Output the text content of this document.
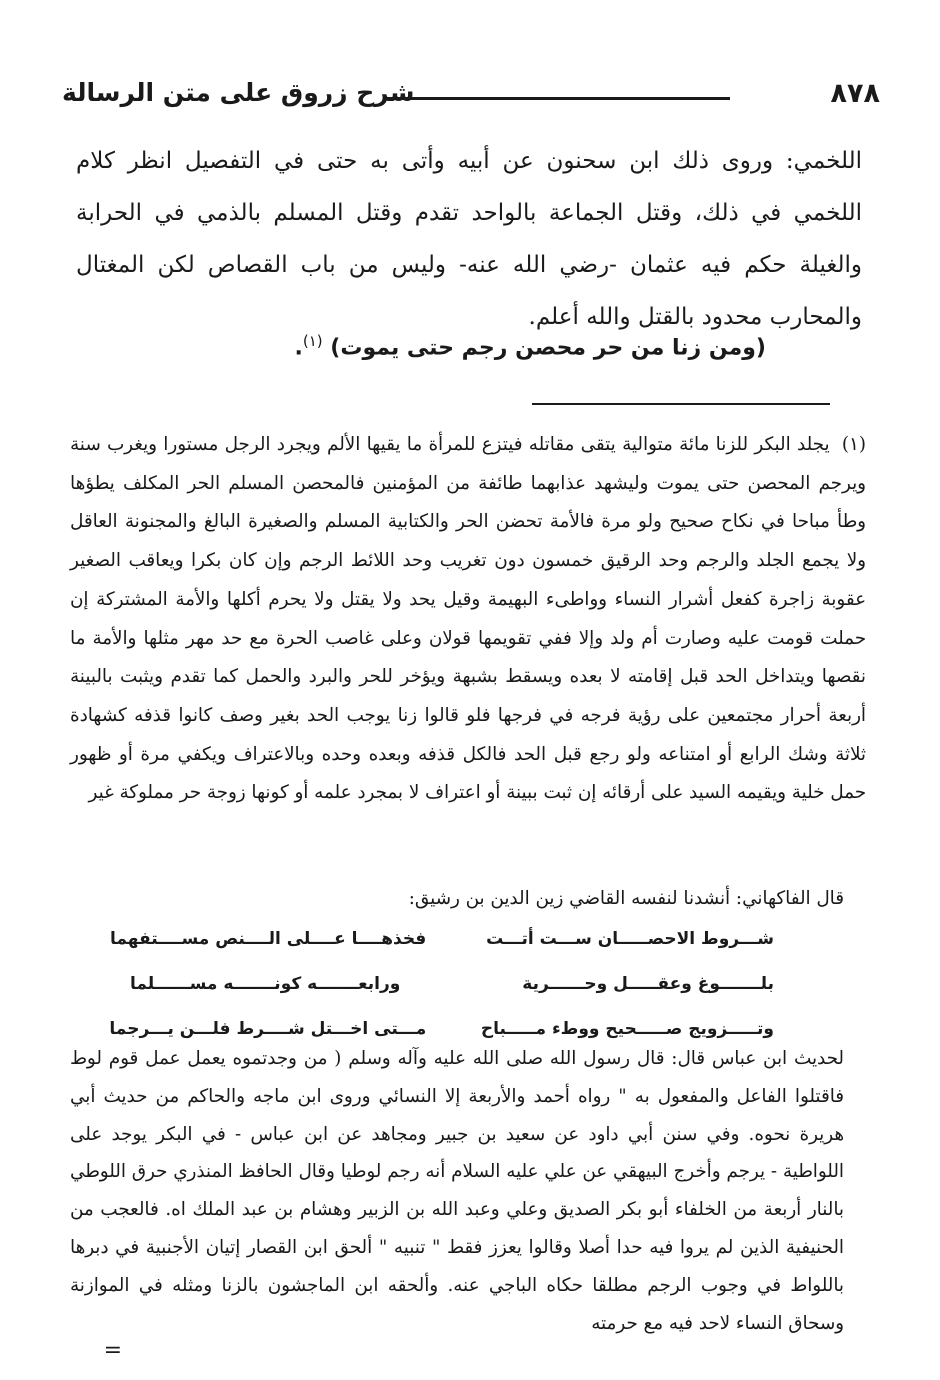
٨٧٨
شرح زروق على متن الرسالة

اللخمي: وروى ذلك ابن سحنون عن أبيه وأتى به حتى في التفصيل انظر كلام اللخمي في ذلك، وقتل الجماعة بالواحد تقدم وقتل المسلم بالذمي في الحرابة والغيلة حكم فيه عثمان -رضي الله عنه- وليس من باب القصاص لكن المغتال والمحارب محدود بالقتل والله أعلم.

(ومن زنا من حر محصن رجم حتى يموت) $^{(١)}$.
(١) يجلد البكر للزنا مائة متوالية يتقى مقاتله فيتزع للمرأة ما يقيها الألم ويجرد الرجل مستورا ويغرب سنة ويرجم المحصن حتى يموت وليشهد عذابهما طائفة من المؤمنين فالمحصن المسلم الحر المكلف يطؤها وطأ مباحا في نكاح صحيح ولو مرة فالأمة تحضن الحر والكتابية المسلم والصغيرة البالغ والمجنونة العاقل ولا يجمع الجلد والرجم وحد الرقيق خمسون دون تغريب وحد اللائط الرجم وإن كان بكرا ويعاقب الصغير عقوبة زاجرة كفعل أشرار النساء وواطىء البهيمة وقيل يحد ولا يقتل ولا يحرم أكلها والأمة المشتركة إن حملت قومت عليه وصارت أم ولد وإلا ففي تقويمها قولان وعلى غاصب الحرة مع حد مهر مثلها والأمة ما نقصها ويتداخل الحد قبل إقامته لا بعده ويسقط بشبهة ويؤخر للحر والبرد والحمل كما تقدم ويثبت بالبينة أربعة أحرار مجتمعين على رؤية فرجه في فرجها فلو قالوا زنا يوجب الحد بغير وصف كانوا قذفه كشهادة ثلاثة وشك الرابع أو امتناعه ولو رجع قبل الحد فالكل قذفه وبعده وحده وبالاعتراف ويكفي مرة أو ظهور حمل خلية ويقيمه السيد على أرقائه إن ثبت ببينة أو اعتراف لا بمجرد علمه أو كونها زوجة حر مملوكة غير
قال الفاكهاني: أنشدنا لنفسه القاضي زين الدين بن رشيق:
شـــروط الاحصـــــان ســـت أتـــت
فخذهــــا عــــلى الــــنص مســــتفهما
بلـــــــوغ وعقـــــل وحــــــرية
ورابعـــــــه كونـــــــه مســــــلما
وتـــــزويج صـــــحيح ووطء مـــــباح
مـــتى اخـــتل شــــرط فلـــن يـــرجما
لحديث ابن عباس قال: قال رسول الله صلى الله عليه وآله وسلم ( من وجدتموه يعمل عمل قوم لوط فاقتلوا الفاعل والمفعول به " رواه أحمد والأربعة إلا النسائي وروى ابن ماجه والحاكم من حديث أبي هريرة نحوه. وفي سنن أبي داود عن سعيد بن جبير ومجاهد عن ابن عباس - في البكر يوجد على اللواطية - يرجم وأخرج البيهقي عن علي عليه السلام أنه رجم لوطيا وقال الحافظ المنذري حرق اللوطي بالنار أربعة من الخلفاء أبو بكر الصديق وعلي وعبد الله بن الزبير وهشام بن عبد الملك اه. فالعجب من الحنيفية الذين لم يروا فيه حدا أصلا وقالوا يعزز فقط " تنبيه " ألحق ابن القصار إتيان الأجنبية في دبرها باللواط في وجوب الرجم مطلقا حكاه الباجي عنه. وألحقه ابن الماجشون بالزنا ومثله في الموازنة وسحاق النساء لاحد فيه مع حرمته
=
